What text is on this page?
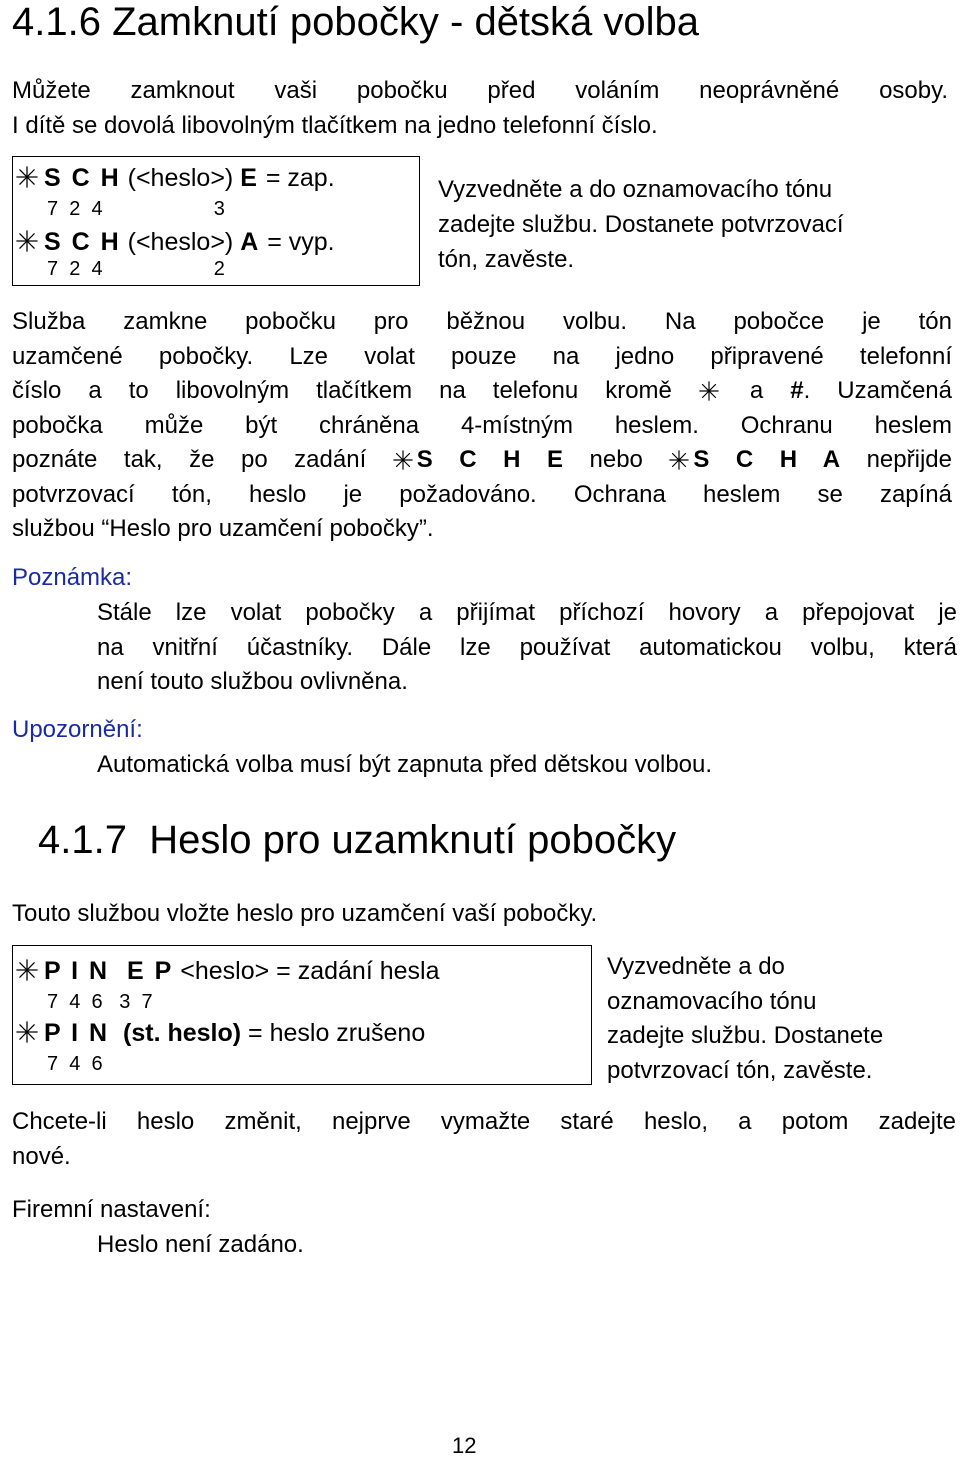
4.1.6 Zamknutí pobočky - dětská volba
Můžete zamknout vaši pobočku před voláním neoprávněné osoby.
I dítě se dovolá libovolným tlačítkem na jedno telefonní číslo.
S C H (<heslo>) E = zap.
7  2  4                    3
S C H (<heslo>) A = vyp.
7  2  4                    2
Vyzvedněte a do oznamovacího tónu
zadejte službu. Dostanete potvrzovací
tón, zavěste.
Služba zamkne pobočku pro běžnou volbu. Na pobočce je tón
uzamčené pobočky. Lze volat pouze na jedno připravené telefonní
číslo a to libovolným tlačítkem na telefonu kromě	a #. Uzamčená
pobočka může být chráněna 4-místným heslem. Ochranu heslem
poznáte tak, že po zadání S C H E nebo S C H A nepřijde
potvrzovací tón, heslo je požadováno. Ochrana heslem se zapíná
službou “Heslo pro uzamčení pobočky”.
Poznámka:
Stále lze volat pobočky a přijímat příchozí hovory a přepojovat je
na vnitřní účastníky. Dále lze používat automatickou volbu, která
není touto službou ovlivněna.
Upozornění:
Automatická volba musí být zapnuta před dětskou volbou.
4.1.7  Heslo pro uzamknutí pobočky
Touto službou vložte heslo pro uzamčení vaší pobočky.
P I N  E P <heslo> = zadání hesla
7  4  6   3  7
P I N  (st. heslo) = heslo zrušeno
7  4  6
Vyzvedněte a do
oznamovacího tónu
zadejte službu. Dostanete
potvrzovací tón, zavěste.
Chcete-li heslo změnit, nejprve vymažte staré heslo, a potom zadejte
nové.
Firemní nastavení:
Heslo není zadáno.
12
